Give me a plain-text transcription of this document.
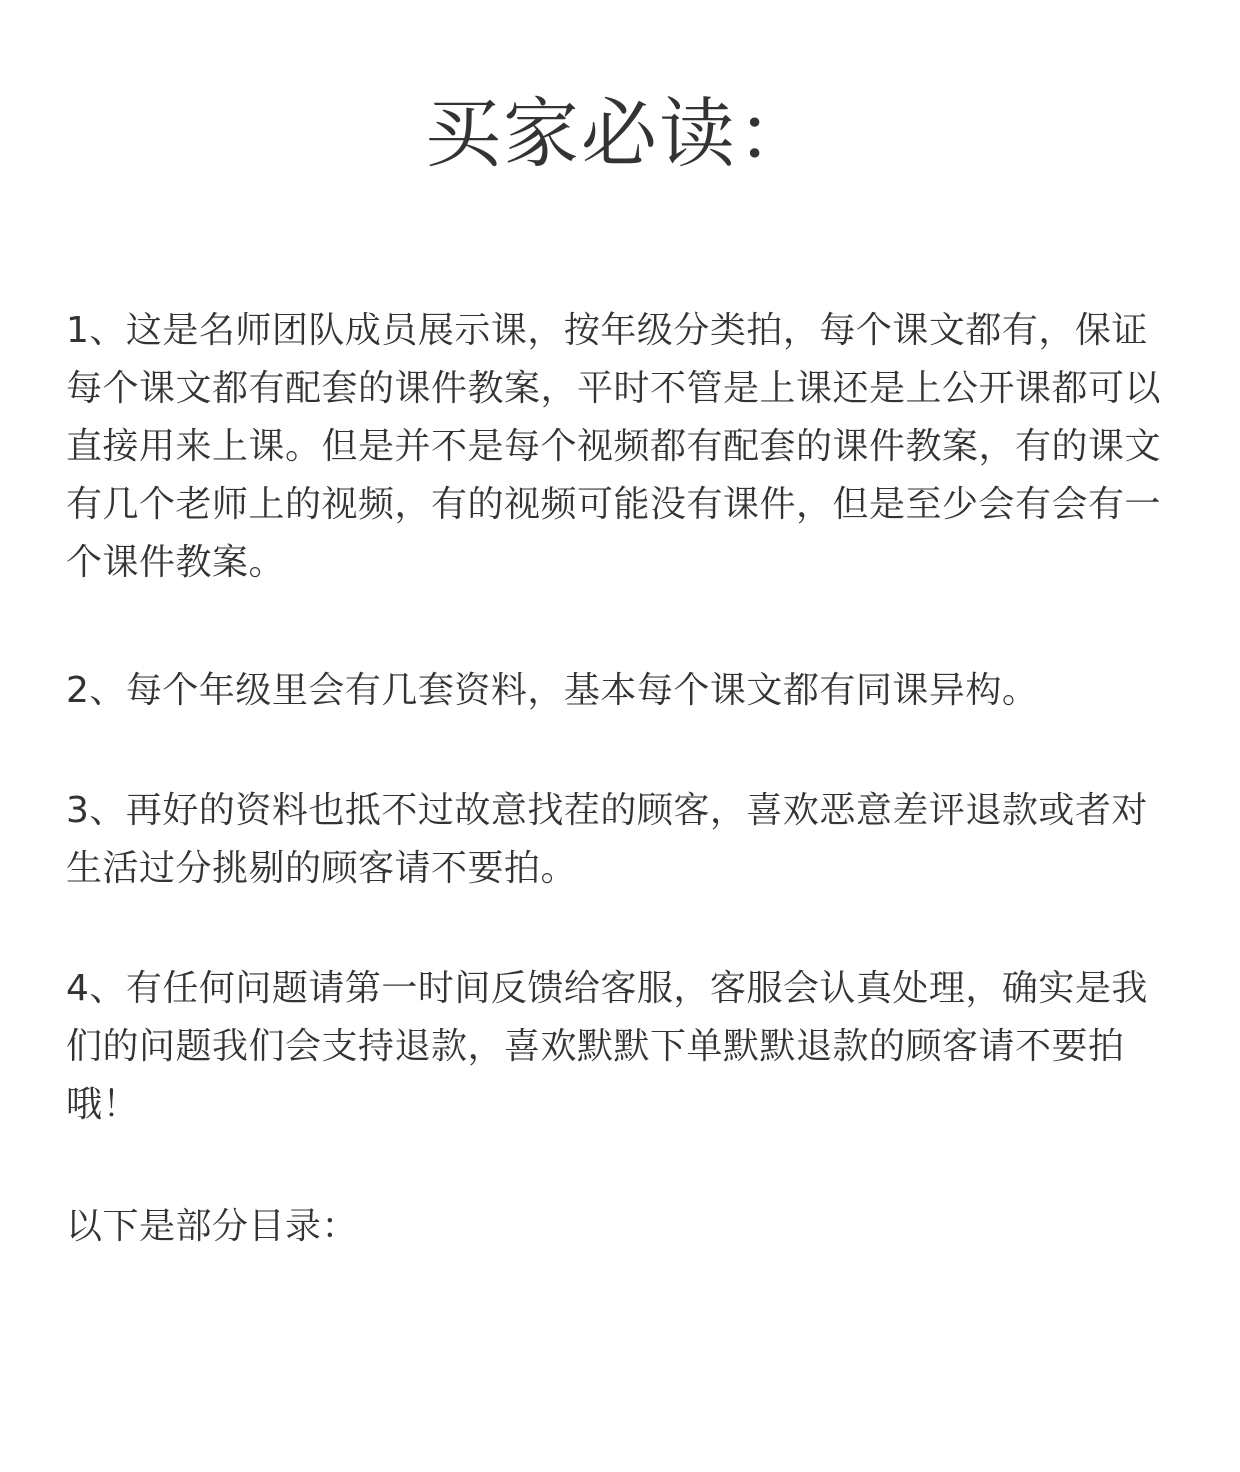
买家必读：

1、这是名师团队成员展示课，按年级分类拍，每个课文都有，保证每个课文都有配套的课件教案，平时不管是上课还是上公开课都可以直接用来上课。但是并不是每个视频都有配套的课件教案，有的课文有几个老师上的视频，有的视频可能没有课件，但是至少会有会有一个课件教案。

2、每个年级里会有几套资料，基本每个课文都有同课异构。

3、再好的资料也抵不过故意找茬的顾客，喜欢恶意差评退款或者对生活过分挑剔的顾客请不要拍。

4、有任何问题请第一时间反馈给客服，客服会认真处理，确实是我们的问题我们会支持退款，喜欢默默下单默默退款的顾客请不要拍哦！

以下是部分目录：
